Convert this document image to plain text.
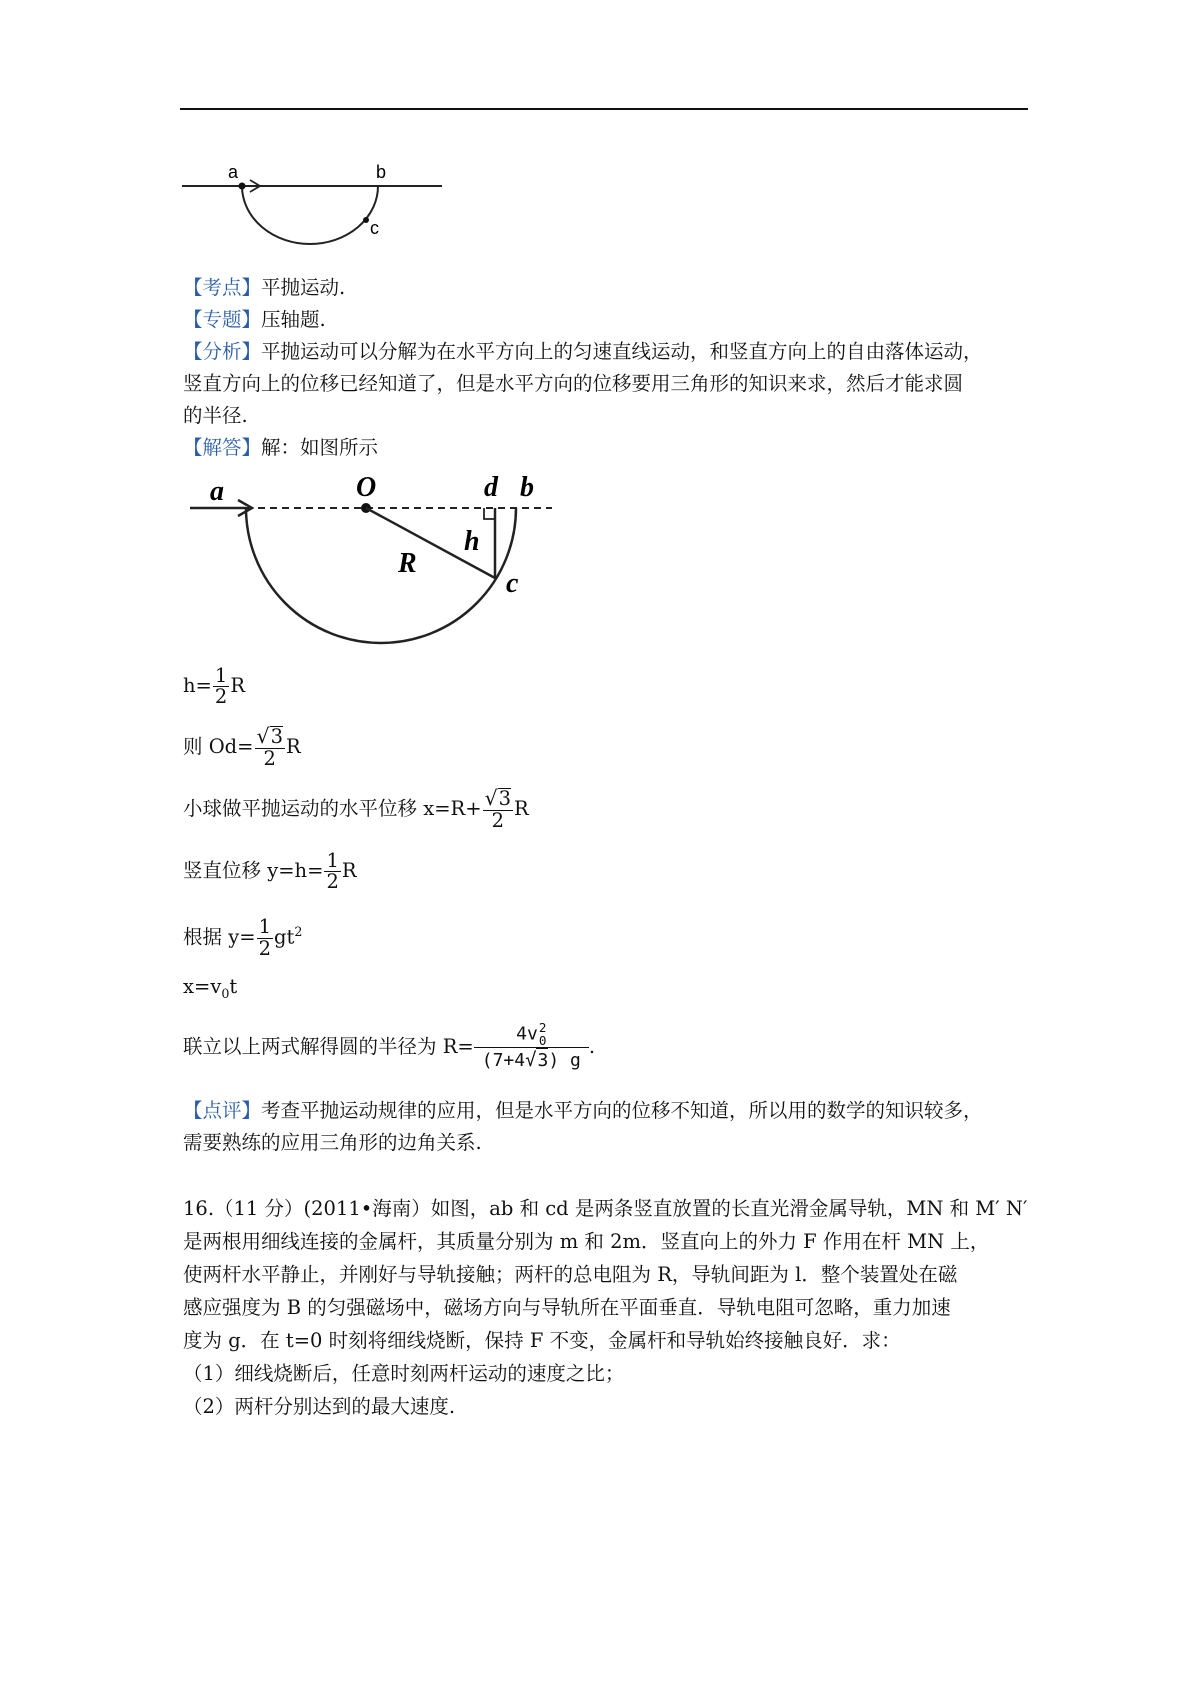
a	b
c
【考点】平抛运动.
【专题】压轴题.
【分析】平抛运动可以分解为在水平方向上的匀速直线运动，和竖直方向上的自由落体运动，
竖直方向上的位移已经知道了，但是水平方向的位移要用三角形的知识来求，然后才能求圆
的半径.
【解答】解：如图所示
a	O	d b
h
R
c
$h= \frac{1}{2}$ R
则 $Od= \frac{√3}{2}$ R
小球做平抛运动的水平位移 $x=R+ \frac{√3}{2}$ R
竖直位移 $y=h= \frac{1}{2}$ R
根据 $y= \frac{1}{2} gt^2$
$x=v_0t$
联立以上两式解得圆的半径为 R= 4v 2
0
(7+4√3) g .
【点评】考查平抛运动规律的应用，但是水平方向的位移不知道，所以用的数学的知识较多，
需要熟练的应用三角形的边角关系.
16.（11 分）(2011•海南）如图，ab 和 cd 是两条竖直放置的长直光滑金属导轨，MN 和 M′ N′
是两根用细线连接的金属杆，其质量分别为 m 和 2m．竖直向上的外力 F 作用在杆 MN 上，
使两杆水平静止，并刚好与导轨接触；两杆的总电阻为 R，导轨间距为 l．整个装置处在磁
感应强度为 B 的匀强磁场中，磁场方向与导轨所在平面垂直．导轨电阻可忽略，重力加速
度为 g．在 t=0 时刻将细线烧断，保持 F 不变，金属杆和导轨始终接触良好．求：
（1）细线烧断后，任意时刻两杆运动的速度之比；
（2）两杆分别达到的最大速度.
